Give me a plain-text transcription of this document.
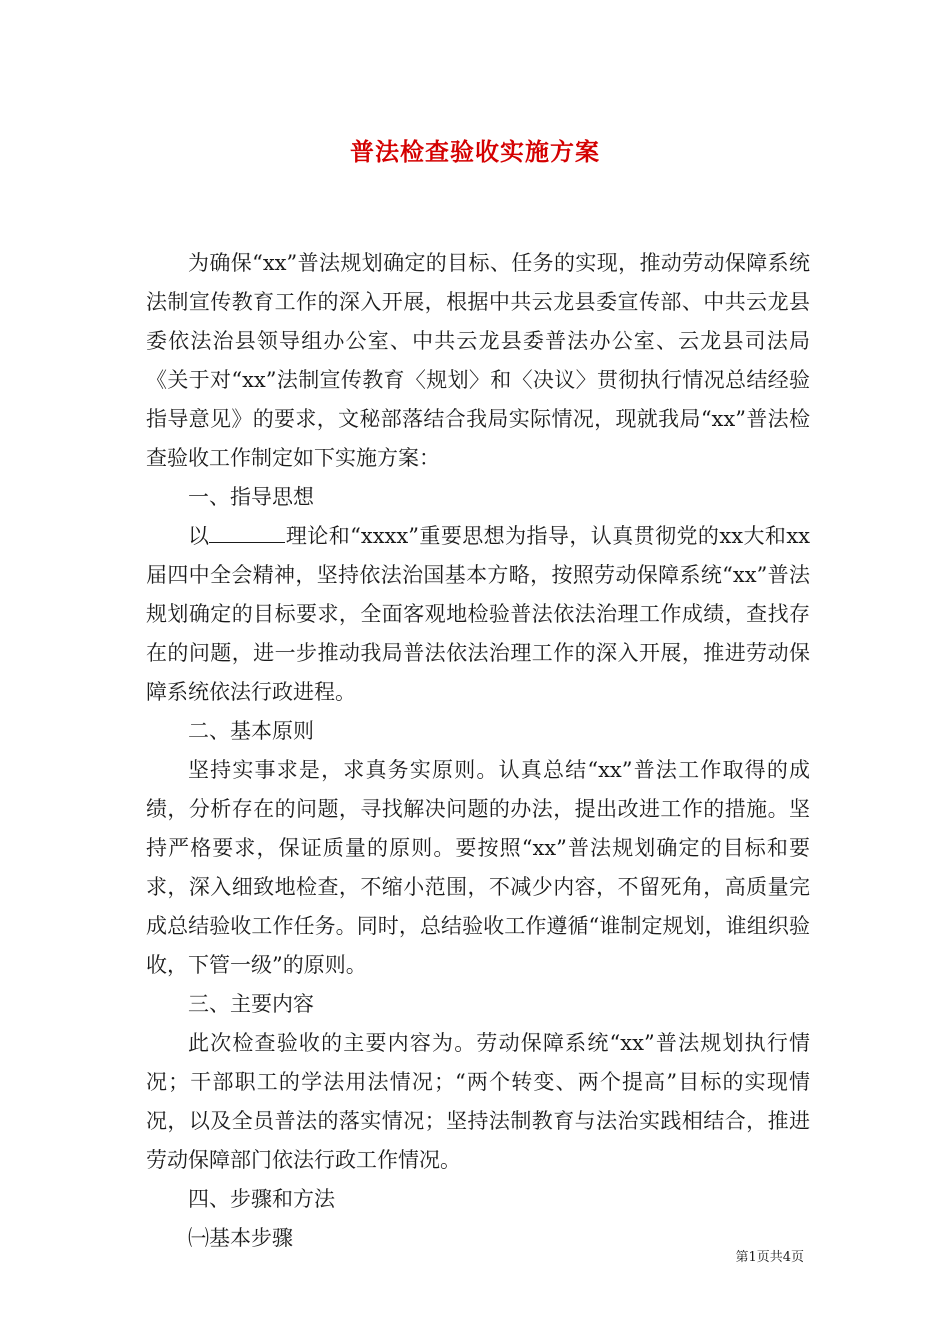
普法检查验收实施方案

为确保“xx”普法规划确定的目标、任务的实现，推动劳动保障系统法制宣传教育工作的深入开展，根据中共云龙县委宣传部、中共云龙县委依法治县领导组办公室、中共云龙县委普法办公室、云龙县司法局《关于对“xx”法制宣传教育〈规划〉和〈决议〉贯彻执行情况总结经验指导意见》的要求，文秘部落结合我局实际情况，现就我局“xx”普法检查验收工作制定如下实施方案：

一、指导思想

以	理论和“xxxx”重要思想为指导，认真贯彻党的xx大和xx届四中全会精神，坚持依法治国基本方略，按照劳动保障系统“xx”普法规划确定的目标要求，全面客观地检验普法依法治理工作成绩，查找存在的问题，进一步推动我局普法依法治理工作的深入开展，推进劳动保障系统依法行政进程。

二、基本原则

坚持实事求是，求真务实原则。认真总结“xx”普法工作取得的成绩，分析存在的问题，寻找解决问题的办法，提出改进工作的措施。坚持严格要求，保证质量的原则。要按照“xx”普法规划确定的目标和要求，深入细致地检查，不缩小范围，不减少内容，不留死角，高质量完成总结验收工作任务。同时，总结验收工作遵循“谁制定规划，谁组织验收，下管一级”的原则。

三、主要内容

此次检查验收的主要内容为。劳动保障系统“xx”普法规划执行情况；干部职工的学法用法情况；“两个转变、两个提高”目标的实现情况，以及全员普法的落实情况；坚持法制教育与法治实践相结合，推进劳动保障部门依法行政工作情况。

四、步骤和方法

㈠基本步骤

第1页共4页
